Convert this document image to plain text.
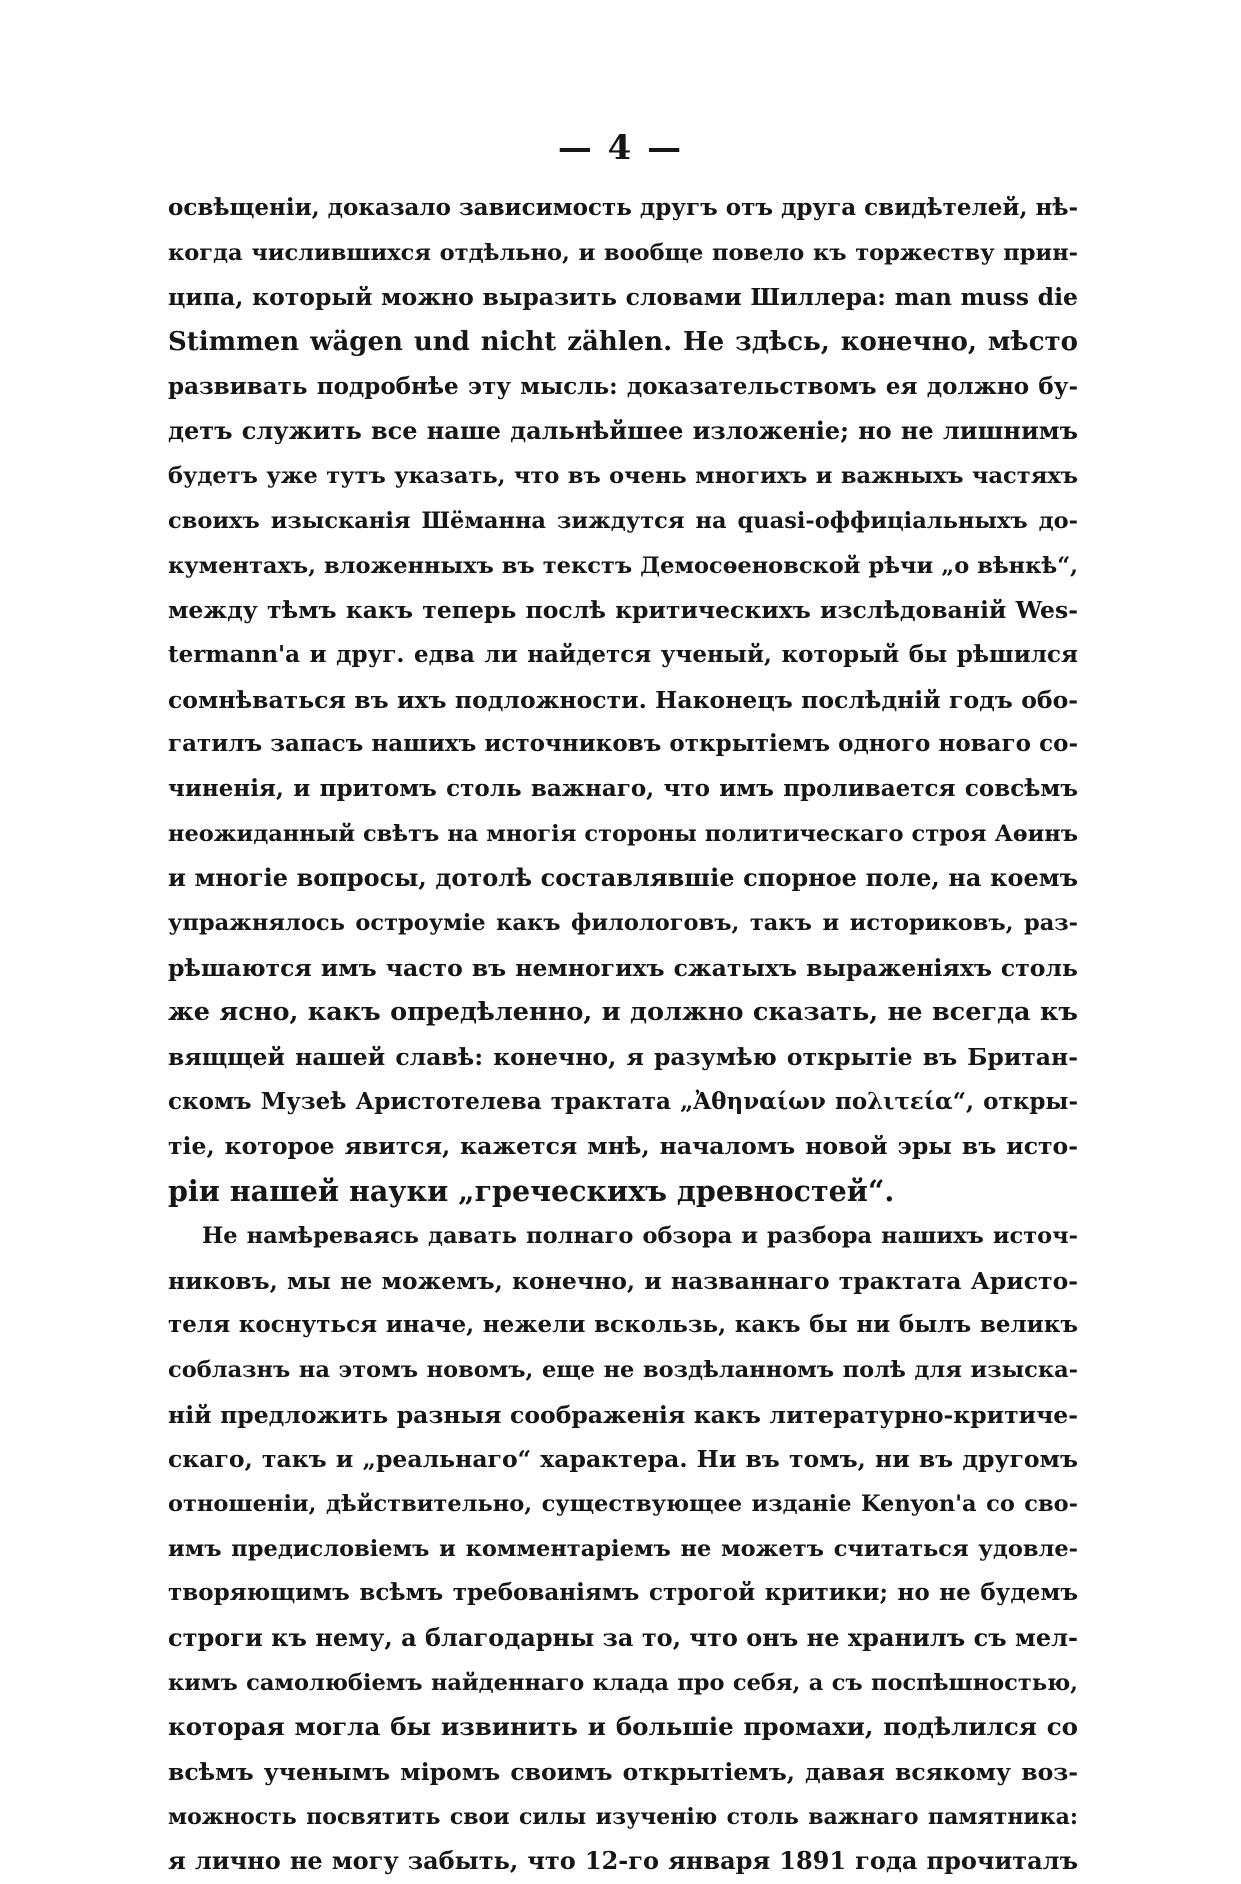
— 4 —
освѣщеніи, доказало зависимость другъ отъ друга свидѣтелей, нѣ-
когда числившихся отдѣльно, и вообще повело къ торжеству прин-
ципа, который можно выразить словами Шиллера: man muss die
Stimmen wägen und nicht zählen. Не здѣсь, конечно, мѣсто
развивать подробнѣе эту мысль: доказательствомъ ея должно бу-
детъ служить все наше дальнѣйшее изложеніе; но не лишнимъ
будетъ уже тутъ указать, что въ очень многихъ и важныхъ частяхъ
своихъ изысканія Шёманна зиждутся на quasi-оффиціальныхъ до-
кументахъ, вложенныхъ въ текстъ Демосѳеновской рѣчи „о вѣнкѣ“,
между тѣмъ какъ теперь послѣ критическихъ изслѣдованій Wes-
termann'а и друг. едва ли найдется ученый, который бы рѣшился
сомнѣваться въ ихъ подложности. Наконецъ послѣдній годъ обо-
гатилъ запасъ нашихъ источниковъ открытіемъ одного новаго со-
чиненія, и притомъ столь важнаго, что имъ проливается совсѣмъ
неожиданный свѣтъ на многія стороны политическаго строя Аѳинъ
и многіе вопросы, дотолѣ составлявшіе спорное поле, на коемъ
упражнялось остроуміе какъ филологовъ, такъ и историковъ, раз-
рѣшаются имъ часто въ немногихъ сжатыхъ выраженіяхъ столь
же ясно, какъ опредѣленно, и должно сказать, не всегда къ
вящщей нашей славѣ: конечно, я разумѣю открытіе въ Британ-
скомъ Музеѣ Аристотелева трактата „Ἀθηναίων πολιτεία“, откры-
тіе, которое явится, кажется мнѣ, началомъ новой эры въ исто-
ріи нашей науки „греческихъ древностей“.
Не намѣреваясь давать полнаго обзора и разбора нашихъ источ-
никовъ, мы не можемъ, конечно, и названнаго трактата Аристо-
теля коснуться иначе, нежели вскользь, какъ бы ни былъ великъ
соблазнъ на этомъ новомъ, еще не воздѣланномъ полѣ для изыска-
ній предложить разныя соображенія какъ литературно-критиче-
скаго, такъ и „реальнаго“ характера. Ни въ томъ, ни въ другомъ
отношеніи, дѣйствительно, существующее изданіе Kenyon'а со сво-
имъ предисловіемъ и комментаріемъ не можетъ считаться удовле-
творяющимъ всѣмъ требованіямъ строгой критики; но не будемъ
строги къ нему, а благодарны за то, что онъ не хранилъ съ мел-
кимъ самолюбіемъ найденнаго клада про себя, а съ поспѣшностью,
которая могла бы извинить и большіе промахи, подѣлился со
всѣмъ ученымъ міромъ своимъ открытіемъ, давая всякому воз-
можность посвятить свои силы изученію столь важнаго памятника:
я лично не могу забыть, что 12-го января 1891 года прочиталъ
